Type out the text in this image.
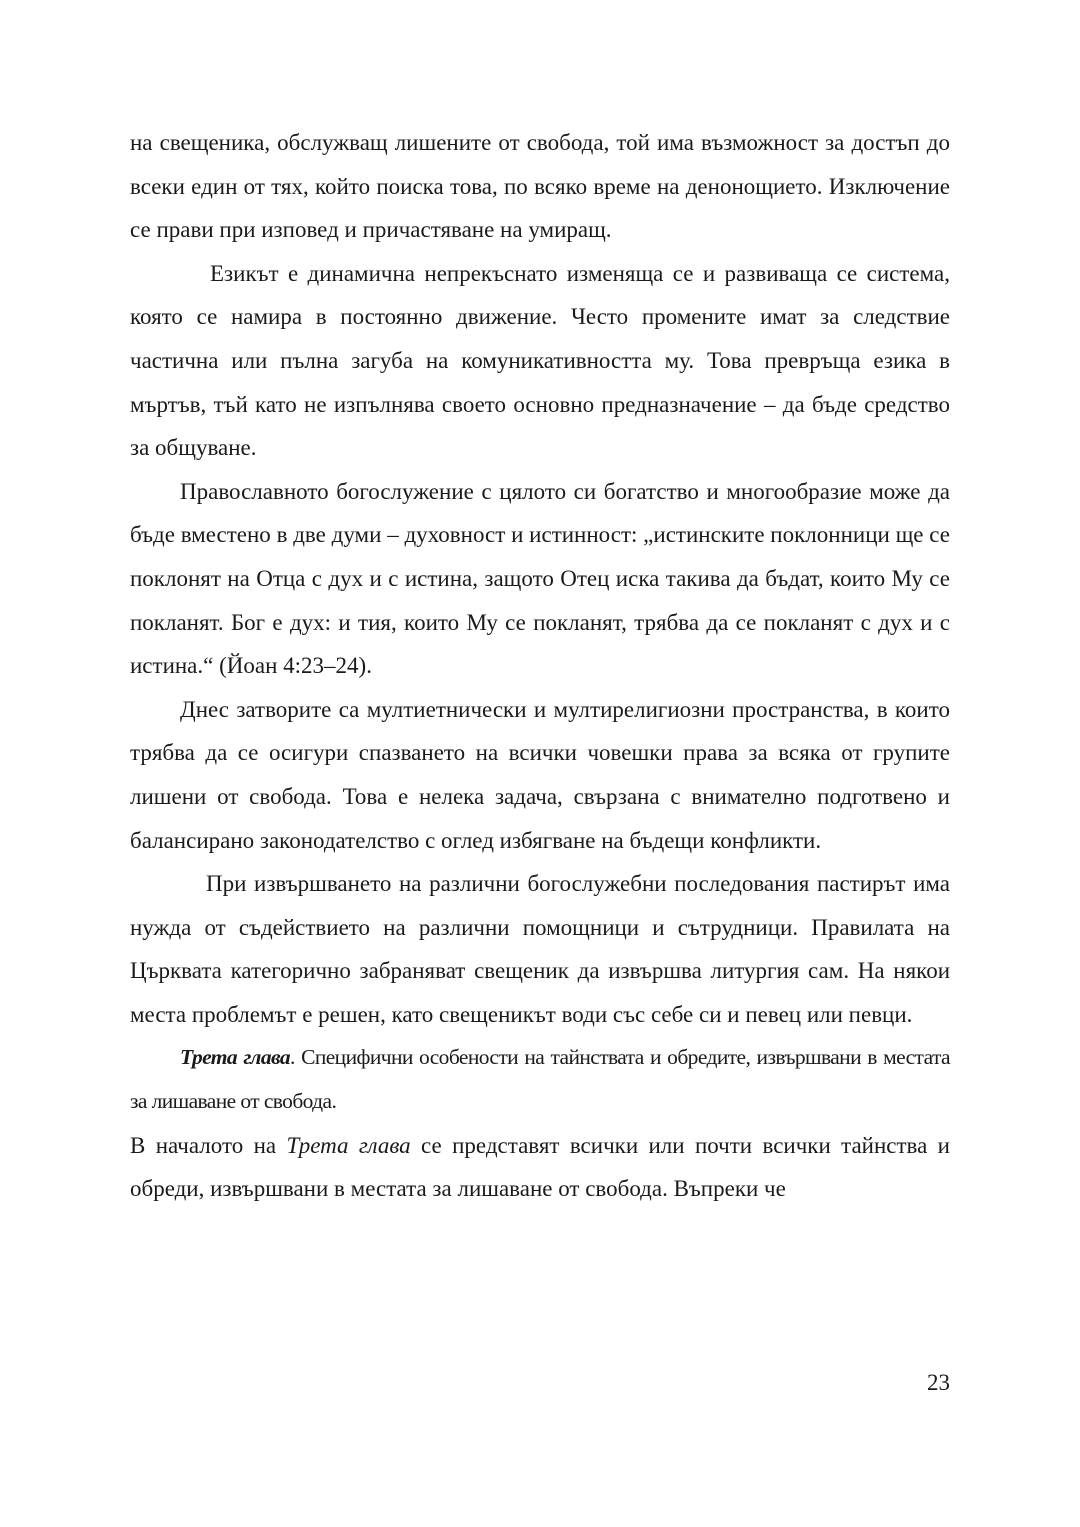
на свещеника, обслужващ лишените от свобода, той има възможност за достъп до всеки един от тях, който поиска това, по всяко време на денонощието. Изключение се прави при изповед и причастяване на умиращ.

Езикът е динамична непрекъснато изменяща се и развиваща се система, която се намира в постоянно движение. Често промените имат за следствие частична или пълна загуба на комуникативността му. Това превръща езика в мъртъв, тъй като не изпълнява своето основно предназначение – да бъде средство за общуване.

Православното богослужение с цялото си богатство и многообразие може да бъде вместено в две думи – духовност и истинност: „истинските поклонници ще се поклонят на Отца с дух и с истина, защото Отец иска такива да бъдат, които Му се покланят. Бог е дух: и тия, които Му се покланят, трябва да се покланят с дух и с истина.“ (Йоан 4:23–24).

Днес затворите са мултиетнически и мултирелигиозни пространства, в които трябва да се осигури спазването на всички човешки права за всяка от групите лишени от свобода. Това е нелека задача, свързана с внимателно подготвено и балансирано законодателство с оглед избягване на бъдещи конфликти.

При извършването на различни богослужебни последования пастирът има нужда от съдействието на различни помощници и сътрудници. Правилата на Църквата категорично забраняват свещеник да извършва литургия сам. На някои места проблемът е решен, като свещеникът води със себе си и певец или певци.

Трета глава. Специфични особености на тайнствата и обредите, извършвани в местата за лишаване от свобода.

В началото на Трета глава се представят всички или почти всички тайнства и обреди, извършвани в местата за лишаване от свобода. Въпреки че

23
